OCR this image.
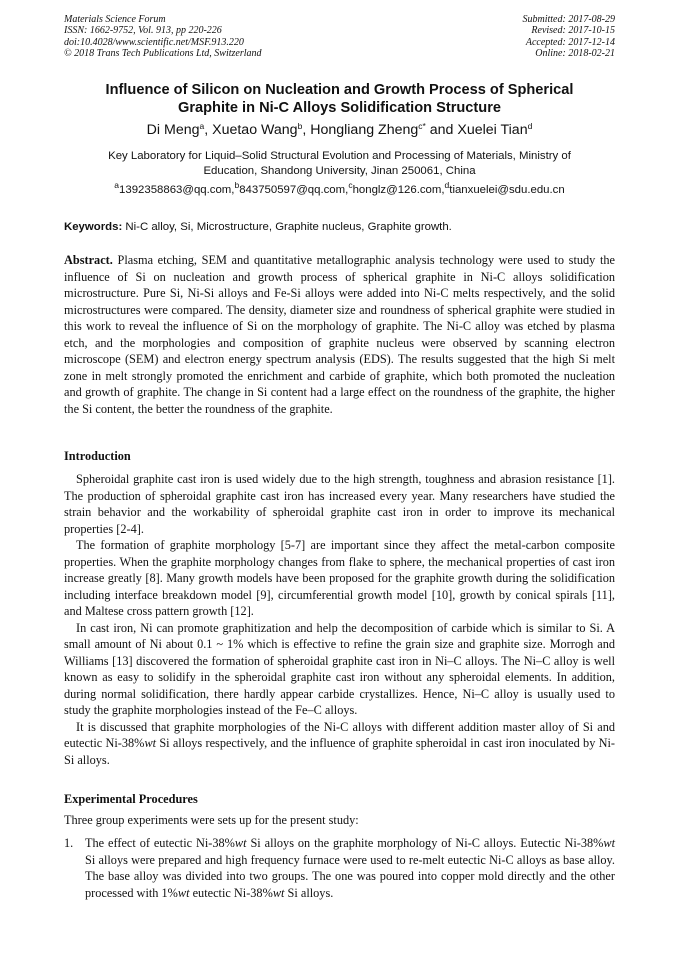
Materials Science Forum
ISSN: 1662-9752, Vol. 913, pp 220-226
doi:10.4028/www.scientific.net/MSF.913.220
© 2018 Trans Tech Publications Ltd, Switzerland
Submitted: 2017-08-29
Revised: 2017-10-15
Accepted: 2017-12-14
Online: 2018-02-21
Influence of Silicon on Nucleation and Growth Process of Spherical
Graphite in Ni-C Alloys Solidification Structure
Di Meng$^a$, Xuetao Wang$^b$, Hongliang Zheng$^{c*}$ and Xuelei Tian$^d$
Key Laboratory for Liquid–Solid Structural Evolution and Processing of Materials, Ministry of
Education, Shandong University, Jinan 250061, China
$^a$1392358863@qq.com,$^b$843750597@qq.com,$^c$honglz@126.com,$^d$tianxuelei@sdu.edu.cn
Keywords: Ni-C alloy, Si, Microstructure, Graphite nucleus, Graphite growth.

Abstract. Plasma etching, SEM and quantitative metallographic analysis technology were used to study the influence of Si on nucleation and growth process of spherical graphite in Ni-C alloys solidification microstructure. Pure Si, Ni-Si alloys and Fe-Si alloys were added into Ni-C melts respectively, and the solid microstructures were compared. The density, diameter size and roundness of spherical graphite were studied in this work to reveal the influence of Si on the morphology of graphite. The Ni-C alloy was etched by plasma etch, and the morphologies and composition of graphite nucleus were observed by scanning electron microscope (SEM) and electron energy spectrum analysis (EDS). The results suggested that the high Si melt zone in melt strongly promoted the enrichment and carbide of graphite, which both promoted the nucleation and growth of graphite. The change in Si content had a large effect on the roundness of the graphite, the higher the Si content, the better the roundness of the graphite.

Introduction

Spheroidal graphite cast iron is used widely due to the high strength, toughness and abrasion resistance [1]. The production of spheroidal graphite cast iron has increased every year. Many researchers have studied the strain behavior and the workability of spheroidal graphite cast iron in order to improve its mechanical properties [2-4].

The formation of graphite morphology [5-7] are important since they affect the metal-carbon composite properties. When the graphite morphology changes from flake to sphere, the mechanical properties of cast iron increase greatly [8]. Many growth models have been proposed for the graphite growth during the solidification including interface breakdown model [9], circumferential growth model [10], growth by conical spirals [11], and Maltese cross pattern growth [12].

In cast iron, Ni can promote graphitization and help the decomposition of carbide which is similar to Si. A small amount of Ni about 0.1 ~ 1% which is effective to refine the grain size and graphite size. Morrogh and Williams [13] discovered the formation of spheroidal graphite cast iron in Ni–C alloys. The Ni–C alloy is well known as easy to solidify in the spheroidal graphite cast iron without any spheroidal elements. In addition, during normal solidification, there hardly appear carbide crystallizes. Hence, Ni–C alloy is usually used to study the graphite morphologies instead of the Fe–C alloys.

It is discussed that graphite morphologies of the Ni-C alloys with different addition master alloy of Si and eutectic Ni-38%wt Si alloys respectively, and the influence of graphite spheroidal in cast iron inoculated by Ni-Si alloys.

Experimental Procedures
Three group experiments were sets up for the present study:
1. The effect of eutectic Ni-38%wt Si alloys on the graphite morphology of Ni-C alloys. Eutectic Ni-38%wt Si alloys were prepared and high frequency furnace were used to re-melt eutectic Ni-C alloys as base alloy. The base alloy was divided into two groups. The one was poured into copper mold directly and the other processed with 1%wt eutectic Ni-38%wt Si alloys.
